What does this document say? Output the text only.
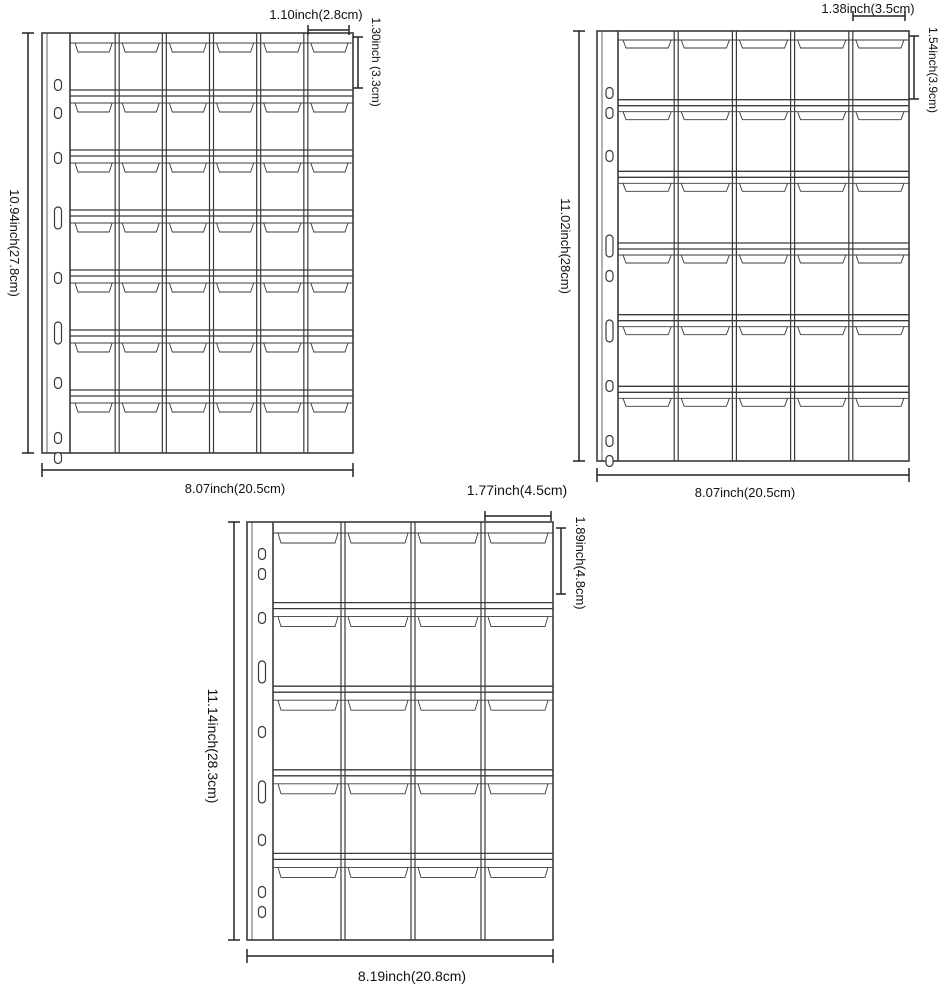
10.94inch(27.8cm)
8.07inch(20.5cm)
1.10inch(2.8cm)
1.30inch (3.3cm)
11.02inch(28cm)
8.07inch(20.5cm)
1.38inch(3.5cm)
1.54inch(3.9cm)
11.14inch(28.3cm)
8.19inch(20.8cm)
1.77inch(4.5cm)
1.89inch(4.8cm)
